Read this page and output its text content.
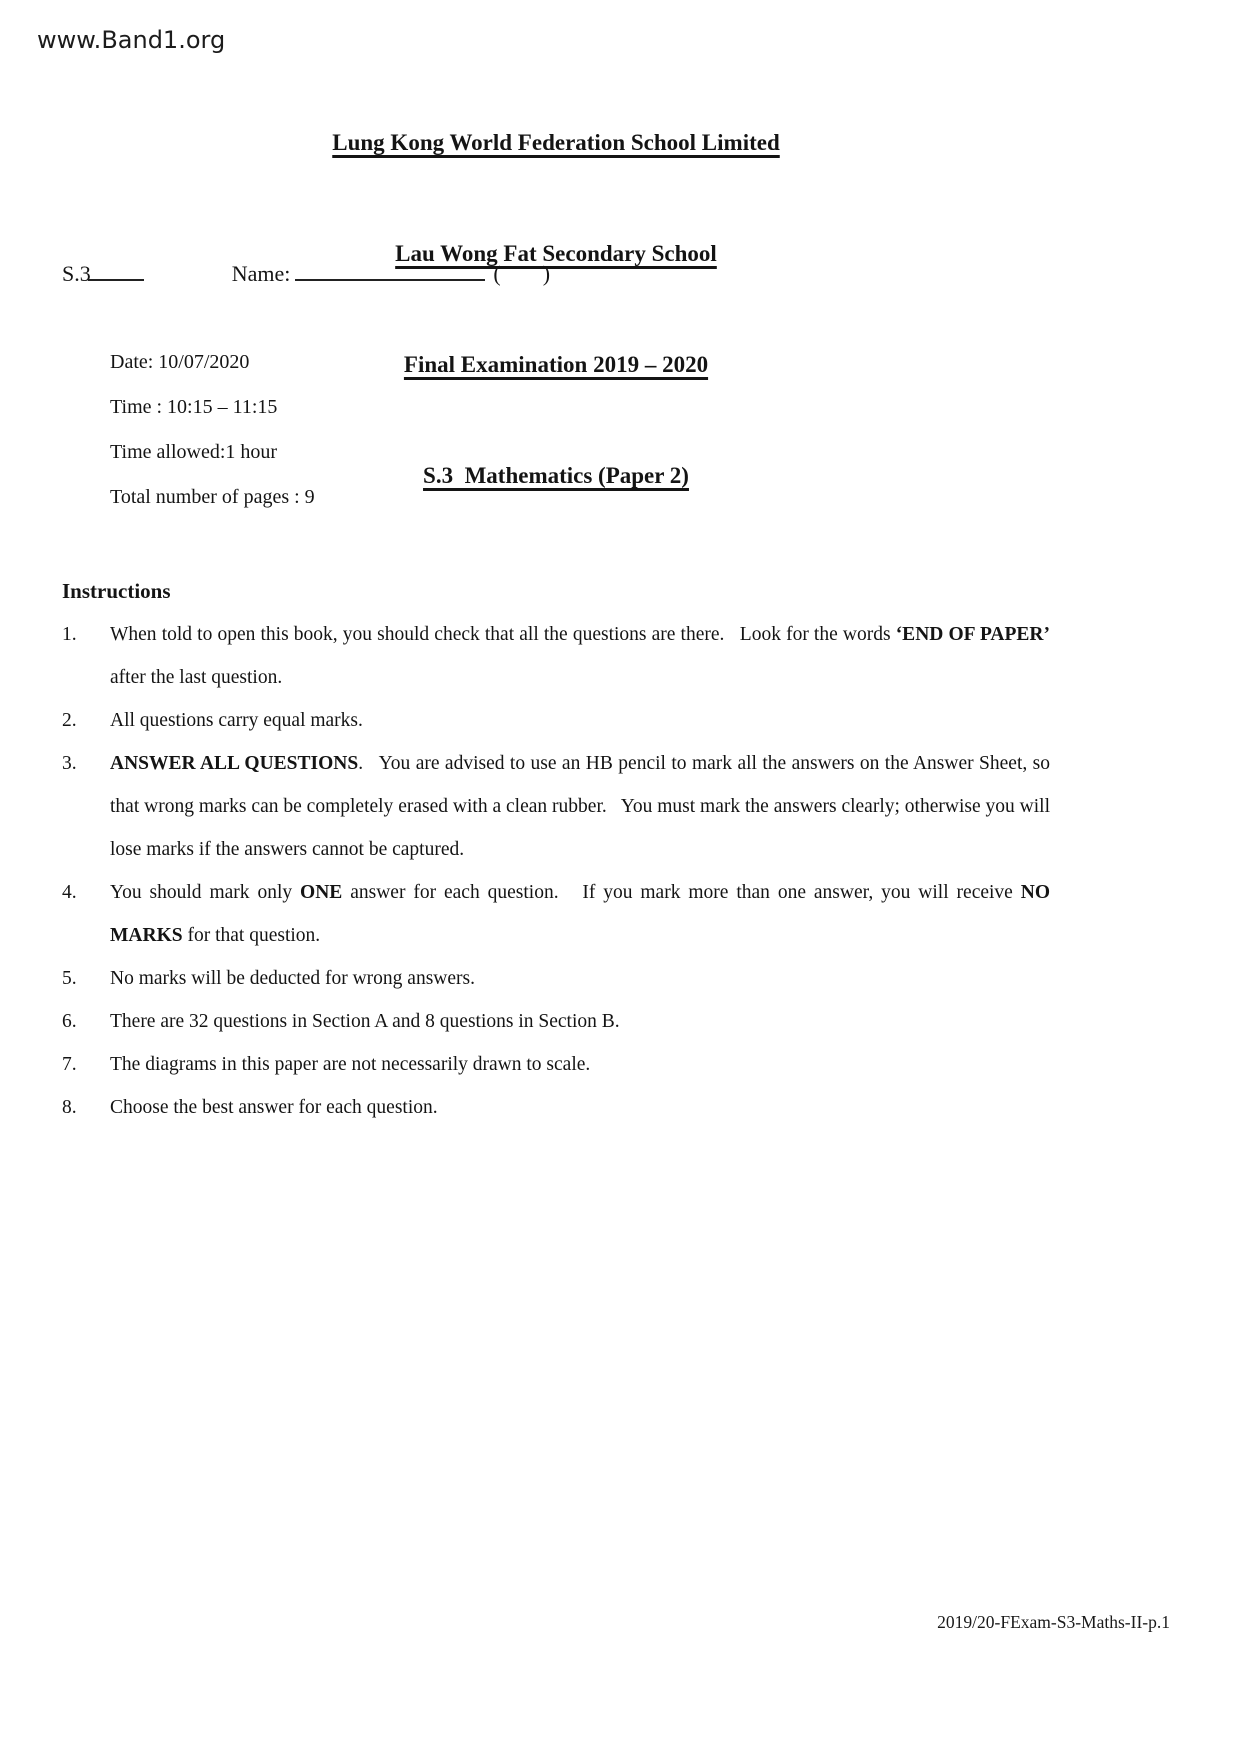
www.Band1.org

Lung Kong World Federation School Limited

Lau Wong Fat Secondary School

Final Examination 2019 – 2020

S.3  Mathematics (Paper 2)

S.3	Name:	( )
Date: 10/07/2020
Time : 10:15 – 11:15
Time allowed:1 hour
Total number of pages : 9
Instructions
1.	When told to open this book, you should check that all the questions are there.   Look for the words ‘END OF PAPER’ after the last question.
2.	All questions carry equal marks.
3.	ANSWER ALL QUESTIONS.   You are advised to use an HB pencil to mark all the answers on the Answer Sheet, so that wrong marks can be completely erased with a clean rubber.   You must mark the answers clearly; otherwise you will lose marks if the answers cannot be captured.
4.	You should mark only ONE answer for each question.   If you mark more than one answer, you will receive NO MARKS for that question.
5.	No marks will be deducted for wrong answers.
6.	There are 32 questions in Section A and 8 questions in Section B.
7.	The diagrams in this paper are not necessarily drawn to scale.
8.	Choose the best answer for each question.
2019/20-FExam-S3-Maths-II-p.1
